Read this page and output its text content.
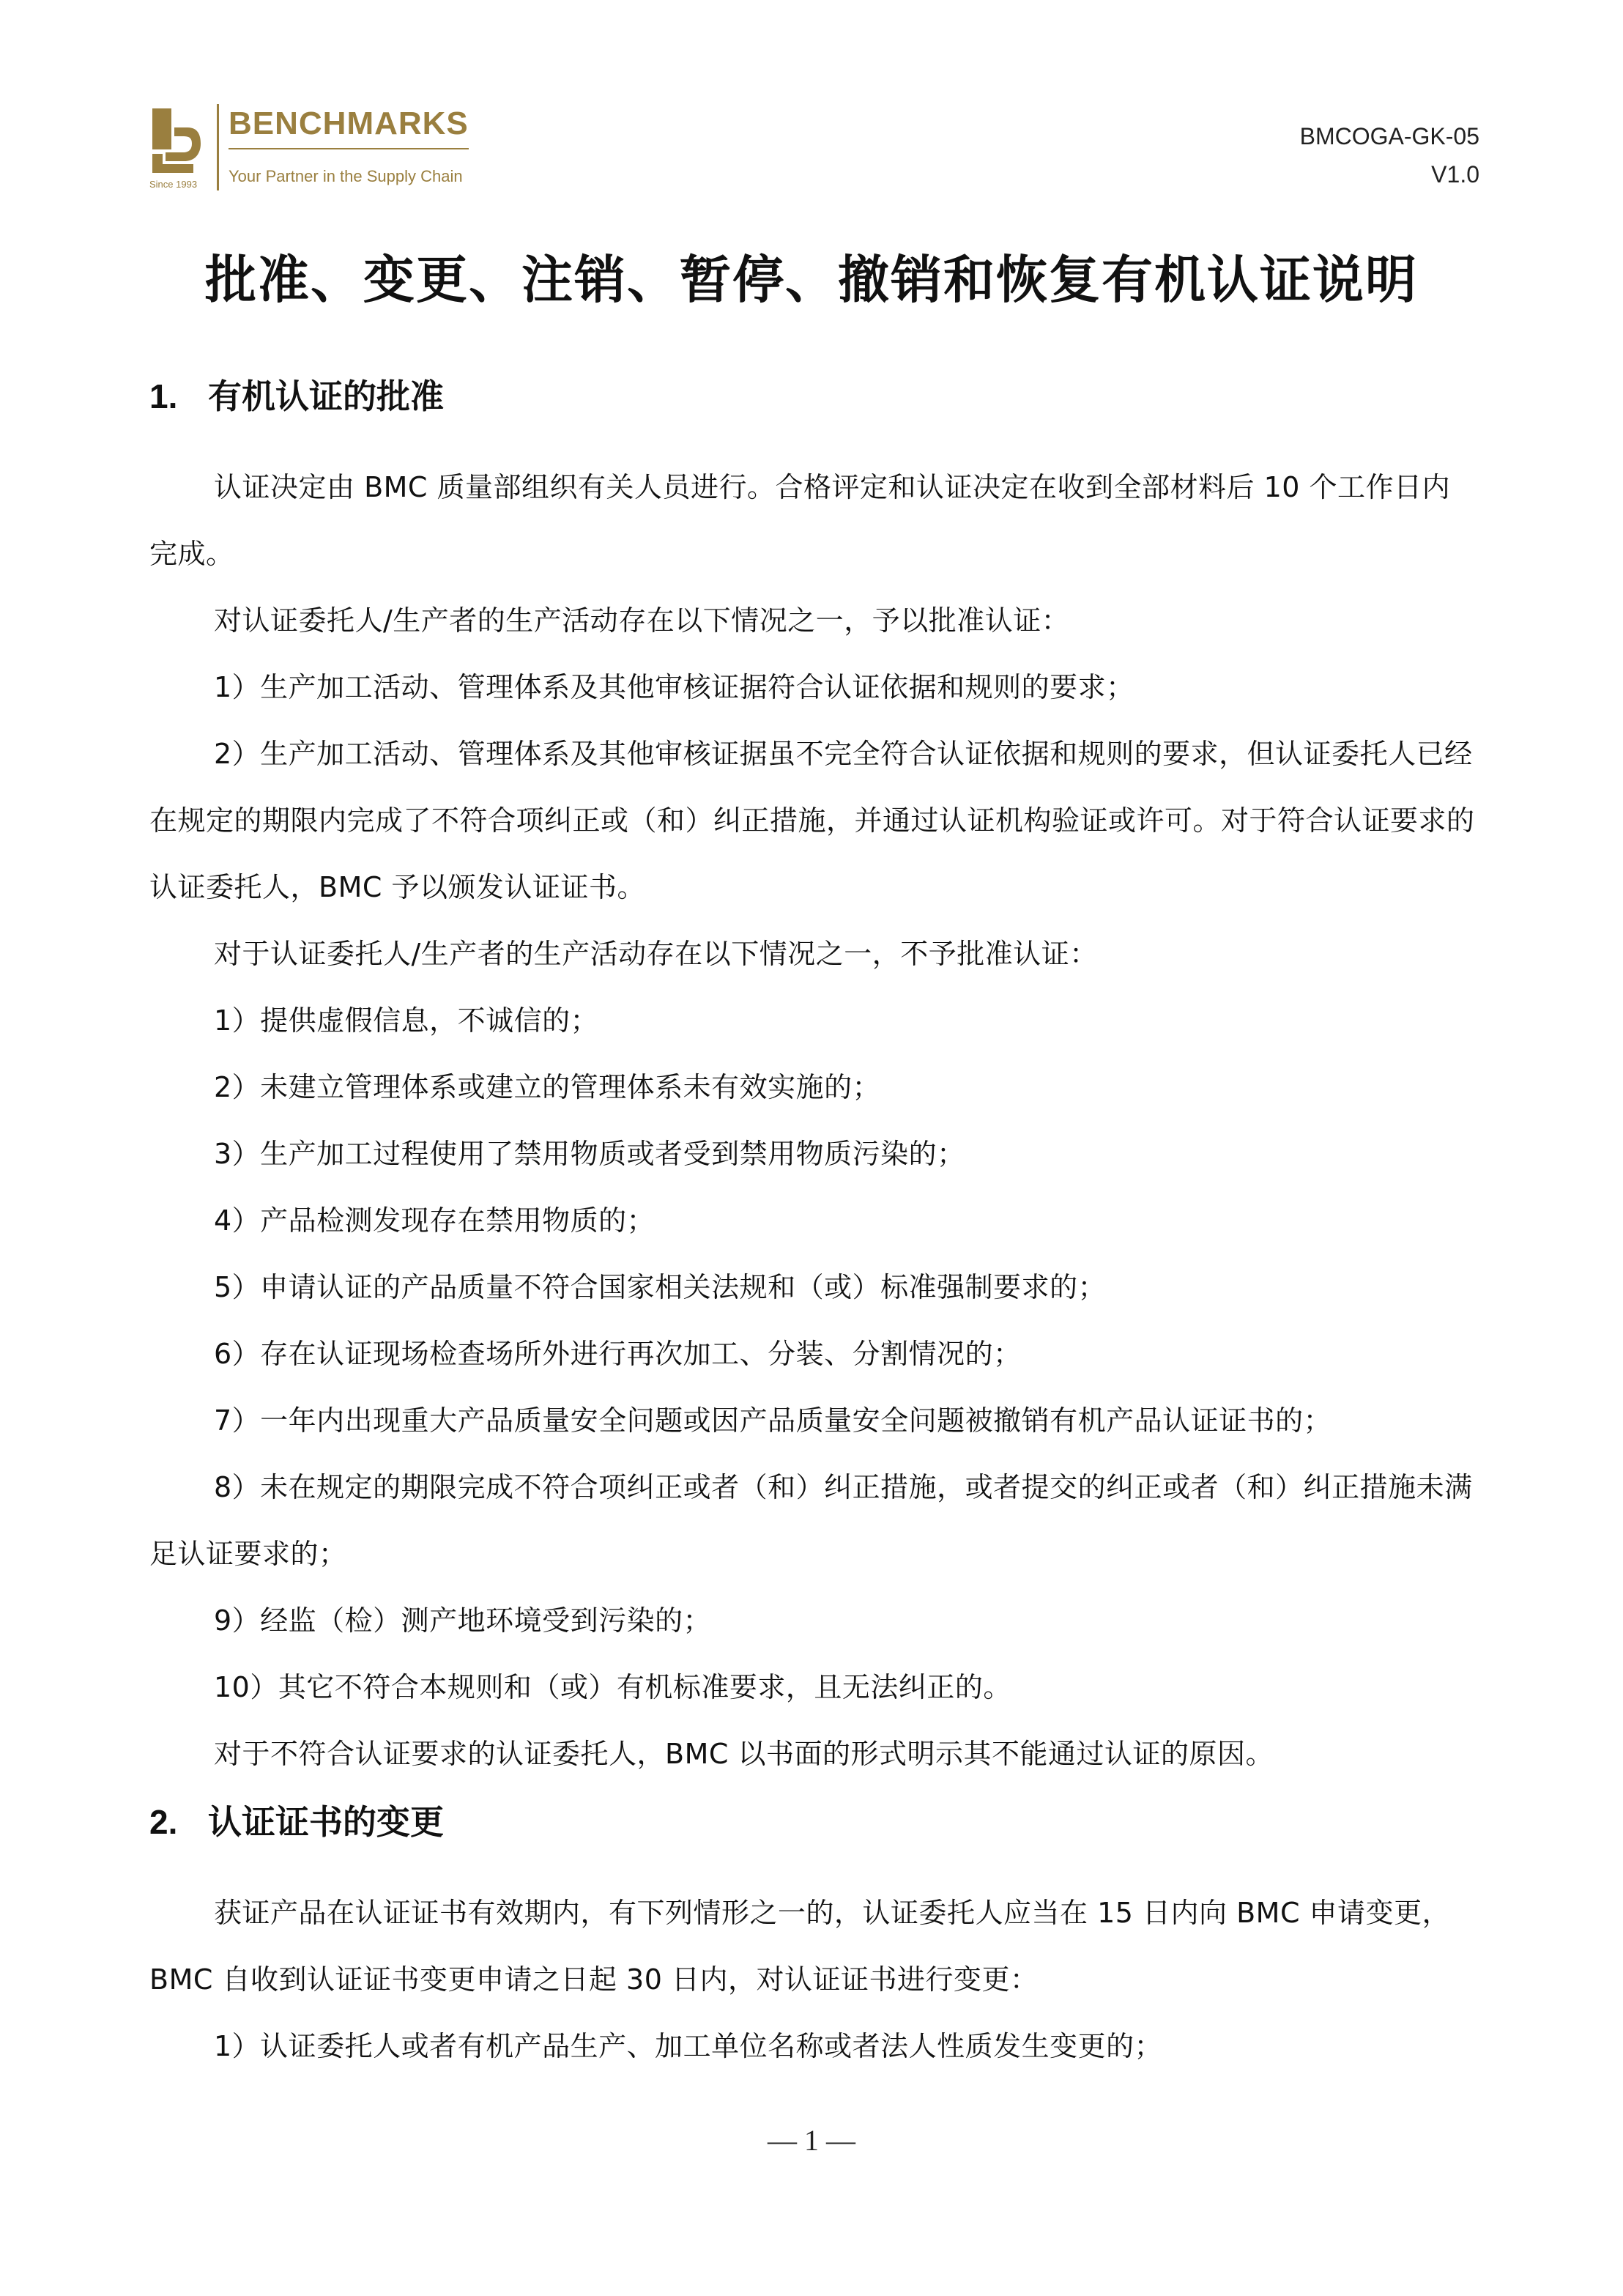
Since 1993
BENCHMARKS
Your Partner in the Supply Chain
BMCOGA-GK-05
V1.0
批准、变更、注销、暂停、撤销和恢复有机认证说明
1. 有机认证的批准

认证决定由 BMC 质量部组织有关人员进行。合格评定和认证决定在收到全部材料后 10 个工作日内完成。

对认证委托人/生产者的生产活动存在以下情况之一，予以批准认证：

1）生产加工活动、管理体系及其他审核证据符合认证依据和规则的要求；

2）生产加工活动、管理体系及其他审核证据虽不完全符合认证依据和规则的要求，但认证委托人已经在规定的期限内完成了不符合项纠正或（和）纠正措施，并通过认证机构验证或许可。对于符合认证要求的认证委托人，BMC 予以颁发认证证书。

对于认证委托人/生产者的生产活动存在以下情况之一，不予批准认证：

1）提供虚假信息，不诚信的；

2）未建立管理体系或建立的管理体系未有效实施的；

3）生产加工过程使用了禁用物质或者受到禁用物质污染的；

4）产品检测发现存在禁用物质的；

5）申请认证的产品质量不符合国家相关法规和（或）标准强制要求的；

6）存在认证现场检查场所外进行再次加工、分装、分割情况的；

7）一年内出现重大产品质量安全问题或因产品质量安全问题被撤销有机产品认证证书的；

8）未在规定的期限完成不符合项纠正或者（和）纠正措施，或者提交的纠正或者（和）纠正措施未满足认证要求的；

9）经监（检）测产地环境受到污染的；

10）其它不符合本规则和（或）有机标准要求，且无法纠正的。

对于不符合认证要求的认证委托人，BMC 以书面的形式明示其不能通过认证的原因。

2. 认证证书的变更

获证产品在认证证书有效期内，有下列情形之一的，认证委托人应当在 15 日内向 BMC 申请变更，BMC 自收到认证证书变更申请之日起 30 日内，对认证证书进行变更：

1）认证委托人或者有机产品生产、加工单位名称或者法人性质发生变更的；

— 1 —
